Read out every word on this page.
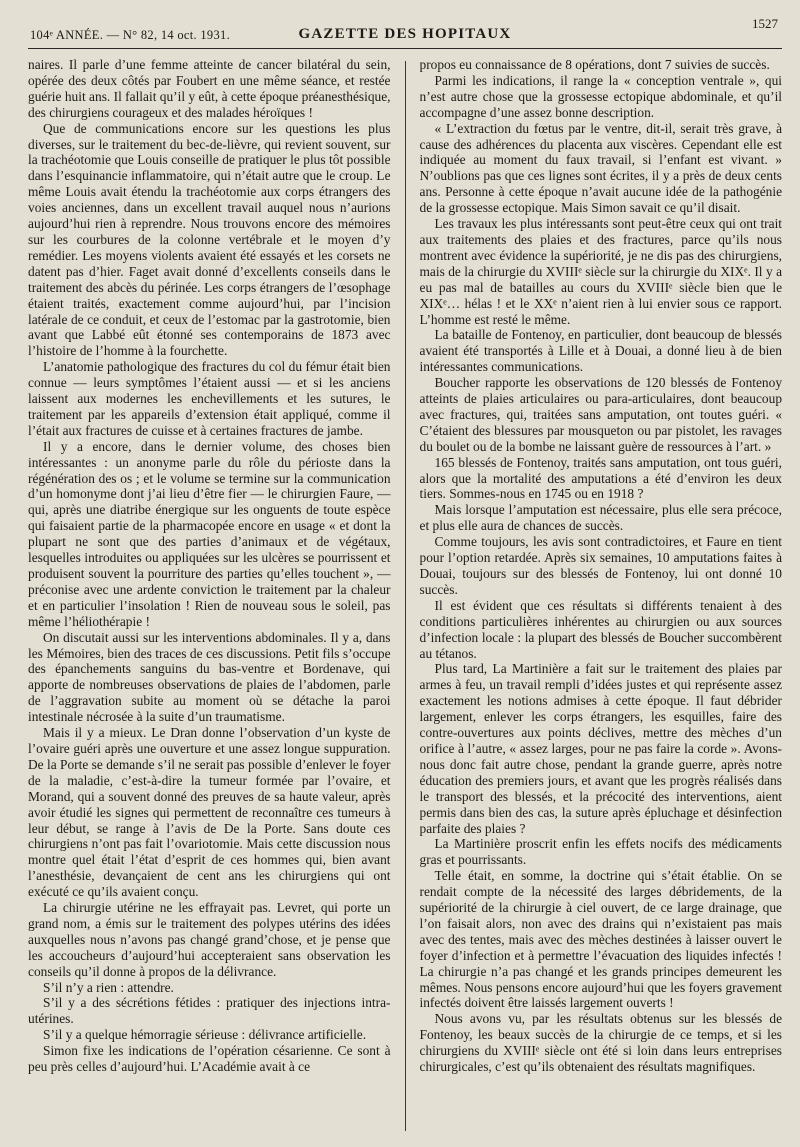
104ᵉ ANNÉE. — N° 82, 14 oct. 1931.	GAZETTE DES HOPITAUX
1527

naires. Il parle d’une femme atteinte de cancer bilatéral du sein, opérée des deux côtés par Foubert en une même séance, et restée guérie huit ans. Il fallait qu’il y eût, à cette époque préanesthésique, des chirurgiens courageux et des malades héroïques !

Que de communications encore sur les questions les plus diverses, sur le traitement du bec-de-lièvre, qui revient souvent, sur la trachéotomie que Louis conseille de pratiquer le plus tôt possible dans l’esquinancie inflammatoire, qui n’était autre que le croup. Le même Louis avait étendu la trachéotomie aux corps étrangers des voies anciennes, dans un excellent travail auquel nous n’aurions aujourd’hui rien à reprendre. Nous trouvons encore des mémoires sur les courbures de la colonne vertébrale et le moyen d’y remédier. Les moyens violents avaient été essayés et les corsets ne datent pas d’hier. Faget avait donné d’excellents conseils dans le traitement des abcès du périnée. Les corps étrangers de l’œsophage étaient traités, exactement comme aujourd’hui, par l’incision latérale de ce conduit, et ceux de l’estomac par la gastrotomie, bien avant que Labbé eût étonné ses contemporains de 1873 avec l’histoire de l’homme à la fourchette.

L’anatomie pathologique des fractures du col du fémur était bien connue — leurs symptômes l’étaient aussi — et si les anciens laissent aux modernes les enchevillements et les sutures, le traitement par les appareils d’extension était appliqué, comme il l’était aux fractures de cuisse et à certaines fractures de jambe.

Il y a encore, dans le dernier volume, des choses bien intéressantes : un anonyme parle du rôle du périoste dans la régénération des os ; et le volume se termine sur la communication d’un homonyme dont j’ai lieu d’être fier — le chirurgien Faure, — qui, après une diatribe énergique sur les onguents de toute espèce qui faisaient partie de la pharmacopée encore en usage « et dont la plupart ne sont que des parties d’animaux et de végétaux, lesquelles introduites ou appliquées sur les ulcères se pourrissent et produisent souvent la pourriture des parties qu’elles touchent », — préconise avec une ardente conviction le traitement par la chaleur et en particulier l’insolation ! Rien de nouveau sous le soleil, pas même l’héliothérapie !

On discutait aussi sur les interventions abdominales. Il y a, dans les Mémoires, bien des traces de ces discussions. Petit fils s’occupe des épanchements sanguins du bas-ventre et Bordenave, qui apporte de nombreuses observations de plaies de l’abdomen, parle de l’aggravation subite au moment où se détache la paroi intestinale nécrosée à la suite d’un traumatisme.

Mais il y a mieux. Le Dran donne l’observation d’un kyste de l’ovaire guéri après une ouverture et une assez longue suppuration. De la Porte se demande s’il ne serait pas possible d’enlever le foyer de la maladie, c’est-à-dire la tumeur formée par l’ovaire, et Morand, qui a souvent donné des preuves de sa haute valeur, après avoir étudié les signes qui permettent de reconnaître ces tumeurs à leur début, se range à l’avis de De la Porte. Sans doute ces chirurgiens n’ont pas fait l’ovariotomie. Mais cette discussion nous montre quel était l’état d’esprit de ces hommes qui, bien avant l’anesthésie, devançaient de cent ans les chirurgiens qui ont exécuté ce qu’ils avaient conçu.

La chirurgie utérine ne les effrayait pas. Levret, qui porte un grand nom, a émis sur le traitement des polypes utérins des idées auxquelles nous n’avons pas changé grand’chose, et je pense que les accoucheurs d’aujourd’hui accepteraient sans observation les conseils qu’il donne à propos de la délivrance.

S’il n’y a rien : attendre.

S’il y a des sécrétions fétides : pratiquer des injections intra-utérines.

S’il y a quelque hémorragie sérieuse : délivrance artificielle.

Simon fixe les indications de l’opération césarienne. Ce sont à peu près celles d’aujourd’hui. L’Académie avait à ce

propos eu connaissance de 8 opérations, dont 7 suivies de succès.

Parmi les indications, il range la « conception ventrale », qui n’est autre chose que la grossesse ectopique abdominale, et qu’il accompagne d’une assez bonne description.

« L’extraction du fœtus par le ventre, dit-il, serait très grave, à cause des adhérences du placenta aux viscères. Cependant elle est indiquée au moment du faux travail, si l’enfant est vivant. » N’oublions pas que ces lignes sont écrites, il y a près de deux cents ans. Personne à cette époque n’avait aucune idée de la pathogénie de la grossesse ectopique. Mais Simon savait ce qu’il disait.

Les travaux les plus intéressants sont peut-être ceux qui ont trait aux traitements des plaies et des fractures, parce qu’ils nous montrent avec évidence la supériorité, je ne dis pas des chirurgiens, mais de la chirurgie du XVIIIᵉ siècle sur la chirurgie du XIXᵉ. Il y a eu pas mal de batailles au cours du XVIIIᵉ siècle bien que le XIXᵉ… hélas ! et le XXᵉ n’aient rien à lui envier sous ce rapport. L’homme est resté le même.

La bataille de Fontenoy, en particulier, dont beaucoup de blessés avaient été transportés à Lille et à Douai, a donné lieu à de bien intéressantes communications.

Boucher rapporte les observations de 120 blessés de Fontenoy atteints de plaies articulaires ou para-articulaires, dont beaucoup avec fractures, qui, traitées sans amputation, ont toutes guéri. « C’étaient des blessures par mousqueton ou par pistolet, les ravages du boulet ou de la bombe ne laissant guère de ressources à l’art. »

165 blessés de Fontenoy, traités sans amputation, ont tous guéri, alors que la mortalité des amputations a été d’environ les deux tiers. Sommes-nous en 1745 ou en 1918 ?

Mais lorsque l’amputation est nécessaire, plus elle sera précoce, et plus elle aura de chances de succès.

Comme toujours, les avis sont contradictoires, et Faure en tient pour l’option retardée. Après six semaines, 10 amputations faites à Douai, toujours sur des blessés de Fontenoy, lui ont donné 10 succès.

Il est évident que ces résultats si différents tenaient à des conditions particulières inhérentes au chirurgien ou aux sources d’infection locale : la plupart des blessés de Boucher succombèrent au tétanos.

Plus tard, La Martinière a fait sur le traitement des plaies par armes à feu, un travail rempli d’idées justes et qui représente assez exactement les notions admises à cette époque. Il faut débrider largement, enlever les corps étrangers, les esquilles, faire des contre-ouvertures aux points déclives, mettre des mèches d’un orifice à l’autre, « assez larges, pour ne pas faire la corde ». Avons-nous donc fait autre chose, pendant la grande guerre, après notre éducation des premiers jours, et avant que les progrès réalisés dans le transport des blessés, et la précocité des interventions, aient permis dans bien des cas, la suture après épluchage et désinfection parfaite des plaies ?

La Martinière proscrit enfin les effets nocifs des médicaments gras et pourrissants.

Telle était, en somme, la doctrine qui s’était établie. On se rendait compte de la nécessité des larges débridements, de la supériorité de la chirurgie à ciel ouvert, de ce large drainage, que l’on faisait alors, non avec des drains qui n’existaient pas mais avec des tentes, mais avec des mèches destinées à laisser ouvert le foyer d’infection et à permettre l’évacuation des liquides infectés ! La chirurgie n’a pas changé et les grands principes demeurent les mêmes. Nous pensons encore aujourd’hui que les foyers gravement infectés doivent être laissés largement ouverts !

Nous avons vu, par les résultats obtenus sur les blessés de Fontenoy, les beaux succès de la chirurgie de ce temps, et si les chirurgiens du XVIIIᵉ siècle ont été si loin dans leurs entreprises chirurgicales, c’est qu’ils obtenaient des résultats magnifiques.
